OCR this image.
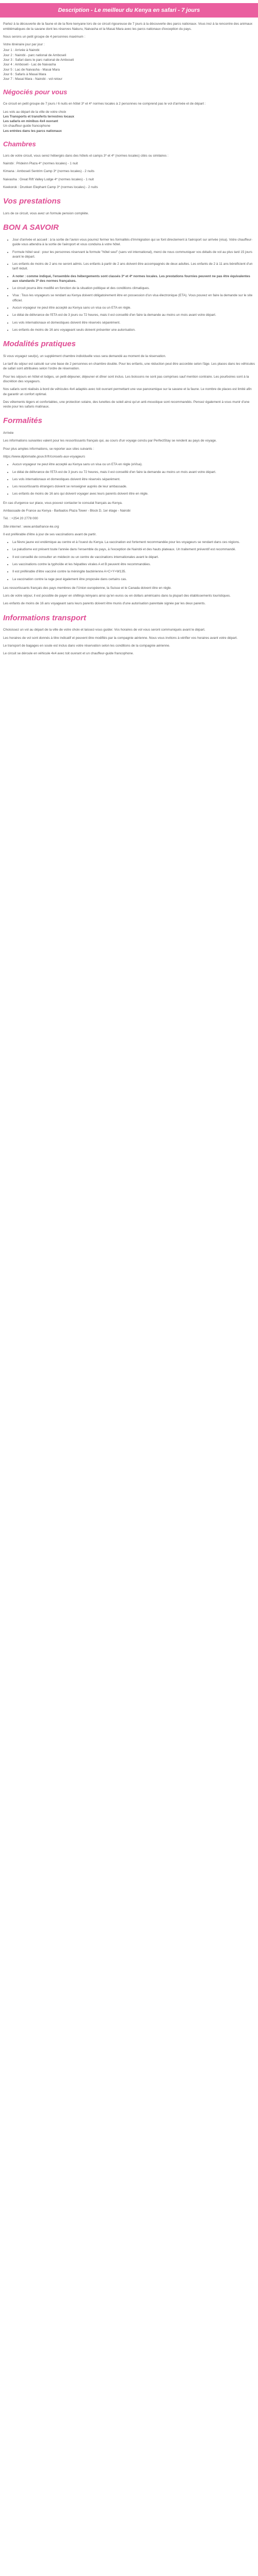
Description - Le meilleur du Kenya en safari - 7 jours

Partez à la découverte de la faune et de la flore kenyane lors de ce circuit rigoureuse de 7 jours à la découverte des parcs nationaux. Vous irez à la rencontre des animaux emblématiques de la savane dont les réserves Nakuru, Naivasha et la Masai Mara avec les parcs nationaux d'exception du pays.

Nous serons un petit groupe de 4 personnes maximum :

Votre itinéraire jour par jour :

Jour 1 : Arrivée à Nairobi

Jour 2 : Nairobi - parc national de Amboseli

Jour 3 : Safari dans le parc national de Amboseli

Jour 4 : Amboseli - Lac de Naivasha

Jour 5 : Lac de Naivasha - Masai Mara

Jour 6 : Safaris à Masai Mara

Jour 7 : Masai Mara - Nairobi - vol retour

Négociés pour vous

Ce circuit en petit groupe de 7 jours / 6 nuits en hôtel 3* et 4* normes locales à 2 personnes ne comprend pas le vol d'arrivée et de départ :

Les vols au départ de la ville de votre choix

Les Transports et transferts terrestres locaux

Les safaris en minibus 4x4 ouvrant

Un chauffeur-guide francophone

Les entrées dans les parcs nationaux

Chambres

Lors de votre circuit, vous serez hébergés dans des hôtels et camps 3* et 4* (normes locales) cités ou similaires :

Nairobi : Prideinn Plaza 4* (normes locales) - 1 nuit

Kimana : Amboseli Sentrim Camp 3* (normes locales) - 2 nuits

Naivasha : Great Rift Valley Lodge 4* (normes locales) - 1 nuit

Keekorok : Drunken Elephant Camp 3* (normes locales) - 2 nuits

Vos prestations

Lors de ce circuit, vous avez un formule pension complète.

BON A SAVOIR
• Jour d'arrivée et accueil : à la sortie de l'avion vous pourrez fermer les formalités d'immigration qui se font directement à l'aéroport sur arrivée (visa). Votre chauffeur-guide vous attendra à la sortie de l'aéroport et vous conduira à votre hôtel.
• Formule hôtel seul : pour les personnes réservant la formule "hôtel seul" (sans vol international), merci de nous communiquer vos détails de vol au plus tard 15 jours avant le départ.
• Les enfants de moins de 2 ans ne seront admis. Les enfants à partir de 2 ans doivent être accompagnés de deux adultes. Les enfants de 2 à 11 ans bénéficient d'un tarif réduit.
• A noter : comme indiqué, l'ensemble des hébergements sont classés 3* et 4* normes locales. Les prestations fournies peuvent ne pas être équivalentes aux standards 3* des normes françaises.
• Le circuit pourra être modifié en fonction de la situation politique et des conditions climatiques.
• Visa : Tous les voyageurs se rendant au Kenya doivent obligatoirement être en possession d'un visa électronique (ETA). Vous pouvez en faire la demande sur le site officiel.
• Aucun voyageur ne peut être accepté au Kenya sans un visa ou un ETA en règle.
• Le délai de délivrance de l'ETA est de 3 jours ou 72 heures, mais il est conseillé d'en faire la demande au moins un mois avant votre départ.
• Les vols internationaux et domestiques doivent être réservés séparément.
• Les enfants de moins de 16 ans voyageant seuls doivent présenter une autorisation.
Modalités pratiques

Si vous voyagez seul(e), un supplément chambre individuelle vous sera demandé au moment de la réservation.

Le tarif du séjour est calculé sur une base de 2 personnes en chambre double. Pour les enfants, une réduction peut être accordée selon l'âge. Les places dans les véhicules de safari sont attribuées selon l'ordre de réservation.

Pour les séjours en hôtel et lodges, un petit-déjeuner, déjeuner et dîner sont inclus. Les boissons ne sont pas comprises sauf mention contraire. Les pourboires sont à la discrétion des voyageurs.

Nos safaris sont réalisés à bord de véhicules 4x4 adaptés avec toit ouvrant permettant une vue panoramique sur la savane et la faune. Le nombre de places est limité afin de garantir un confort optimal.

Des vêtements légers et confortables, une protection solaire, des lunettes de soleil ainsi qu'un anti-moustique sont recommandés. Pensez également à vous munir d'une veste pour les safaris matinaux.

Formalités

Arrivée

Les informations suivantes valent pour les ressortissants français qui, au cours d'un voyage conclu par PerfectStay se rendent au pays de voyage.

Pour plus amples informations, se reporter aux sites suivants :

https://www.diplomatie.gouv.fr/fr/conseils-aux-voyageurs

• Aucun voyageur ne peut être accepté au Kenya sans un visa ou un ETA en règle (eVisa).
• Le délai de délivrance de l'ETA est de 3 jours ou 72 heures, mais il est conseillé d'en faire la demande au moins un mois avant votre départ.
• Les vols internationaux et domestiques doivent être réservés séparément.
• Les ressortissants étrangers doivent se renseigner auprès de leur ambassade.
• Les enfants de moins de 16 ans qui doivent voyager avec leurs parents doivent être en règle.

En cas d'urgence sur place, vous pouvez contacter le consulat français au Kenya.

Ambassade de France au Kenya - Barbados Plaza Tower - Block D, 1er étage - Nairobi

Tél. : +254 20 2778 000

Site internet : www.ambafrance-ke.org

Il est préférable d'être à jour de ses vaccinations avant de partir.

• La fièvre jaune est endémique au centre et à l'ouest du Kenya. La vaccination est fortement recommandée pour les voyageurs se rendant dans ces régions.
• Le paludisme est présent toute l'année dans l'ensemble du pays, à l'exception de Nairobi et des hauts plateaux. Un traitement préventif est recommandé.
• Il est conseillé de consulter un médecin ou un centre de vaccinations internationales avant le départ.
• Les vaccinations contre la typhoïde et les hépatites virales A et B peuvent être recommandées.
• Il est préférable d'être vacciné contre la méningite bactérienne A+C+Y+W135.
• La vaccination contre la rage peut également être proposée dans certains cas.

Les ressortissants français des pays membres de l'Union européenne, la Suisse et le Canada doivent être en règle.

Lors de votre séjour, il est possible de payer en shillings kényans ainsi qu'en euros ou en dollars américains dans la plupart des établissements touristiques.

Les enfants de moins de 16 ans voyageant sans leurs parents doivent être munis d'une autorisation parentale signée par les deux parents.

Informations transport

Choisissez un vol au départ de la ville de votre choix et laissez-vous guider. Vos horaires de vol vous seront communiqués avant le départ.

Les horaires de vol sont donnés à titre indicatif et peuvent être modifiés par la compagnie aérienne. Nous vous invitons à vérifier vos horaires avant votre départ.

Le transport de bagages en soute est inclus dans votre réservation selon les conditions de la compagnie aérienne.

Le circuit se déroule en véhicule 4x4 avec toit ouvrant et un chauffeur-guide francophone.
